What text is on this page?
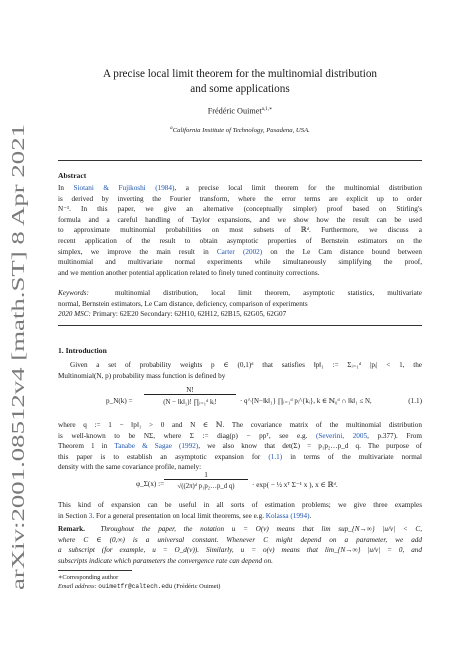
arXiv:2001.08512v4 [math.ST] 8 Apr 2021
A precise local limit theorem for the multinomial distribution
and some applications
Frédéric Ouimet$^{a,1,∗}$
$^a$California Institute of Technology, Pasadena, USA.
Abstract
In Siotani & Fujikoshi (1984), a precise local limit theorem for the multinomial distribution
is derived by inverting the Fourier transform, where the error terms are explicit up to order
N⁻¹. In this paper, we give an alternative (conceptually simpler) proof based on Stirling's
formula and a careful handling of Taylor expansions, and we show how the result can be used
to approximate multinomial probabilities on most subsets of ℝᵈ. Furthermore, we discuss a
recent application of the result to obtain asymptotic properties of Bernstein estimators on the
simplex, we improve the main result in Carter (2002) on the Le Cam distance bound between
multinomial and multivariate normal experiments while simultaneously simplifying the proof,
and we mention another potential application related to finely tuned continuity corrections.
Keywords:	multinomial distribution, local limit theorem, asymptotic statistics, multivariate
normal, Bernstein estimators, Le Cam distance, deficiency, comparison of experiments
2020 MSC: Primary: 62E20 Secondary: 62H10, 62H12, 62B15, 62G05, 62G07
1. Introduction
Given a set of probability weights p ∈ (0,1)ᵈ that satisfies ‖p‖₁ := Σᵢ₌₁ᵈ |pᵢ| < 1, the
Multinomial(N, p) probability mass function is defined by
p_N(k) =
N!
(N − ‖k‖₁)! ∏ᵢ₌₁ᵈ kᵢ!	· q^{N−‖k‖₁} ∏ᵢ₌₁ᵈ pᵢ^{kᵢ}, k ∈ ℕ₀ᵈ ∩ ‖k‖₁ ≤ N,	(1.1)
where q := 1 − ‖p‖₁ > 0 and N ∈ ℕ. The covariance matrix of the multinomial distribution
is well-known to be NΣ, where Σ := diag(p) − ppᵀ, see e.g. (Severini, 2005, p.377). From
Theorem 1 in Tanabe & Sagae (1992), we also know that det(Σ) = p₁p₂…p_d q. The purpose of
this paper is to establish an asymptotic expansion for (1.1) in terms of the multivariate normal
density with the same covariance profile, namely:
φ_Σ(x) :=
1
√((2π)ᵈ p₁p₂…p_d q)	· exp( − ½ xᵀ Σ⁻¹ x ), x ∈ ℝᵈ.
This kind of expansion can be useful in all sorts of estimation problems; we give three examples
in Section 3. For a general presentation on local limit theorems, see e.g. Kolassa (1994).
Remark. Throughout the paper, the notation u = O(v) means that lim sup_{N→∞} |u/v| < C,
where C ∈ (0,∞) is a universal constant. Whenever C might depend on a parameter, we add
a subscript (for example, u = O_d(v)). Similarly, u = o(v) means that lim_{N→∞} |u/v| = 0, and
subscripts indicate which parameters the convergence rate can depend on.
∗Corresponding author
Email address: ouimetfr@caltech.edu (Frédéric Ouimet)
